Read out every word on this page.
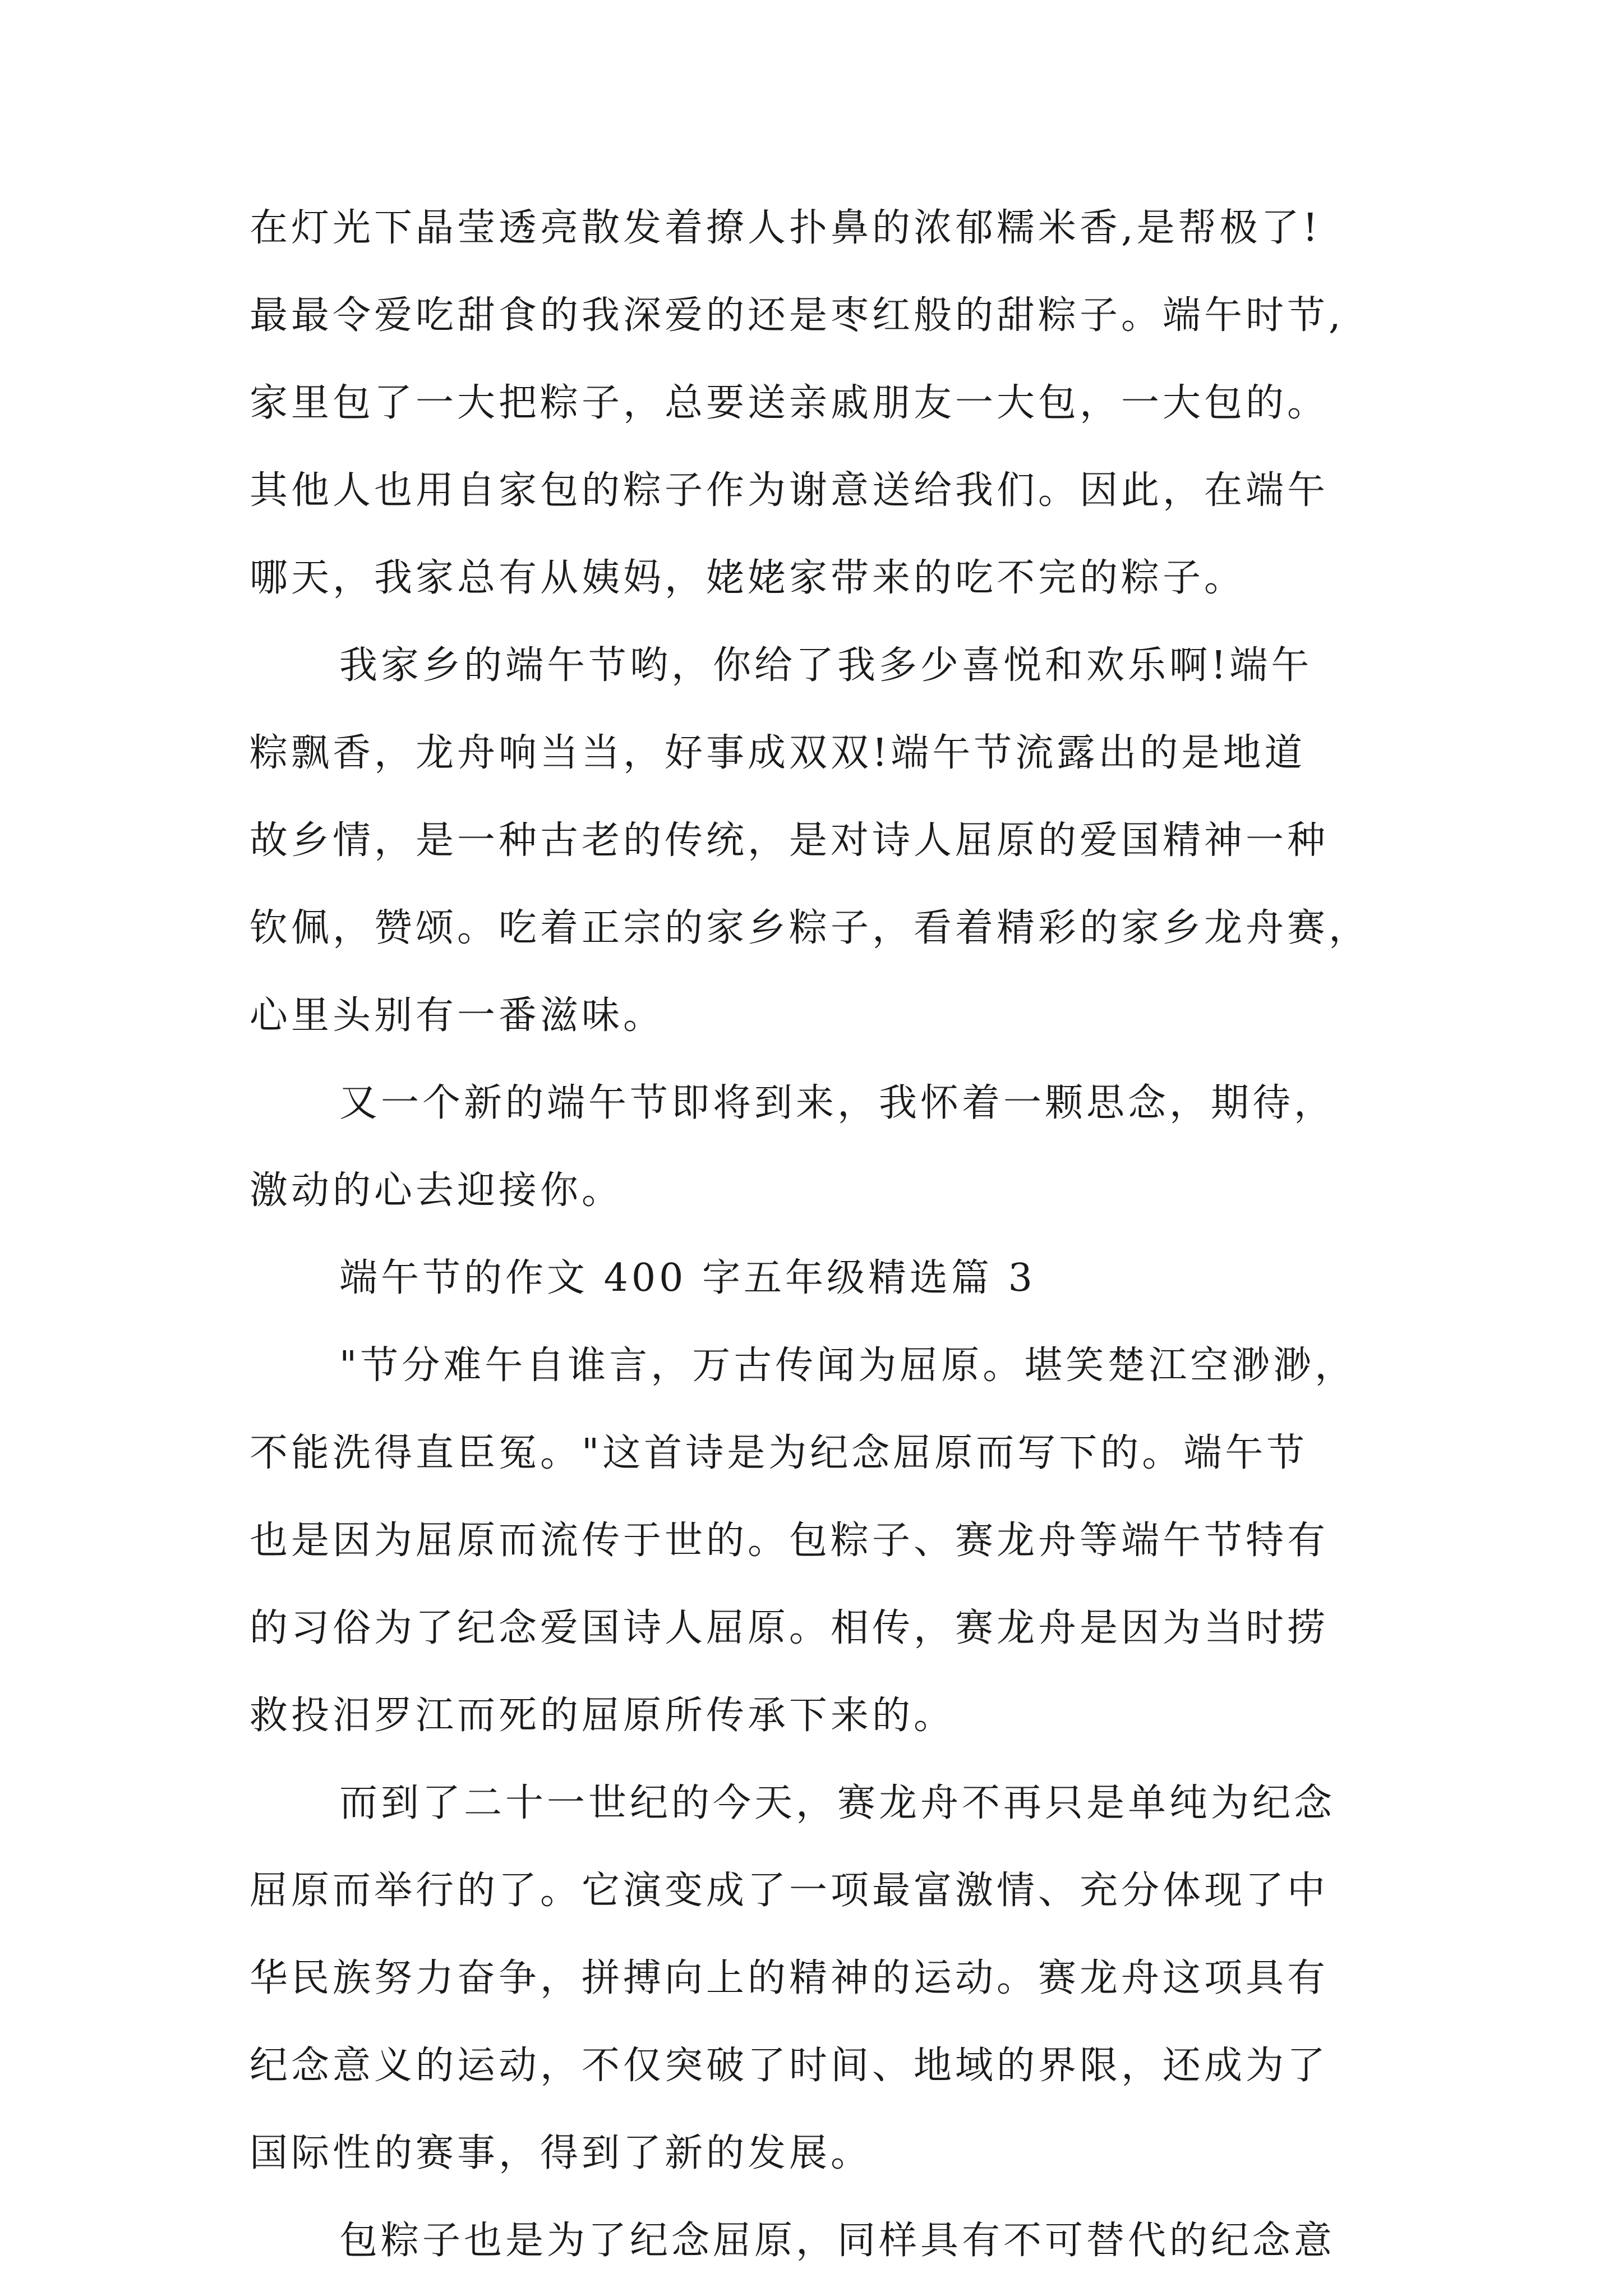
在灯光下晶莹透亮散发着撩人扑鼻的浓郁糯米香,是帮极了!
最最令爱吃甜食的我深爱的还是枣红般的甜粽子。端午时节,
家里包了一大把粽子，总要送亲戚朋友一大包，一大包的。
其他人也用自家包的粽子作为谢意送给我们。因此，在端午
哪天，我家总有从姨妈，姥姥家带来的吃不完的粽子。
我家乡的端午节哟，你给了我多少喜悦和欢乐啊!端午
粽飘香，龙舟响当当，好事成双双!端午节流露出的是地道
故乡情，是一种古老的传统，是对诗人屈原的爱国精神一种
钦佩，赞颂。吃着正宗的家乡粽子，看着精彩的家乡龙舟赛，
心里头别有一番滋味。
又一个新的端午节即将到来，我怀着一颗思念，期待，
激动的心去迎接你。
端午节的作文 400 字五年级精选篇 3
"节分难午自谁言，万古传闻为屈原。堪笑楚江空渺渺，
不能洗得直臣冤。"这首诗是为纪念屈原而写下的。端午节
也是因为屈原而流传于世的。包粽子、赛龙舟等端午节特有
的习俗为了纪念爱国诗人屈原。相传，赛龙舟是因为当时捞
救投汨罗江而死的屈原所传承下来的。
而到了二十一世纪的今天，赛龙舟不再只是单纯为纪念
屈原而举行的了。它演变成了一项最富激情、充分体现了中
华民族努力奋争，拼搏向上的精神的运动。赛龙舟这项具有
纪念意义的运动，不仅突破了时间、地域的界限，还成为了
国际性的赛事，得到了新的发展。
包粽子也是为了纪念屈原，同样具有不可替代的纪念意
